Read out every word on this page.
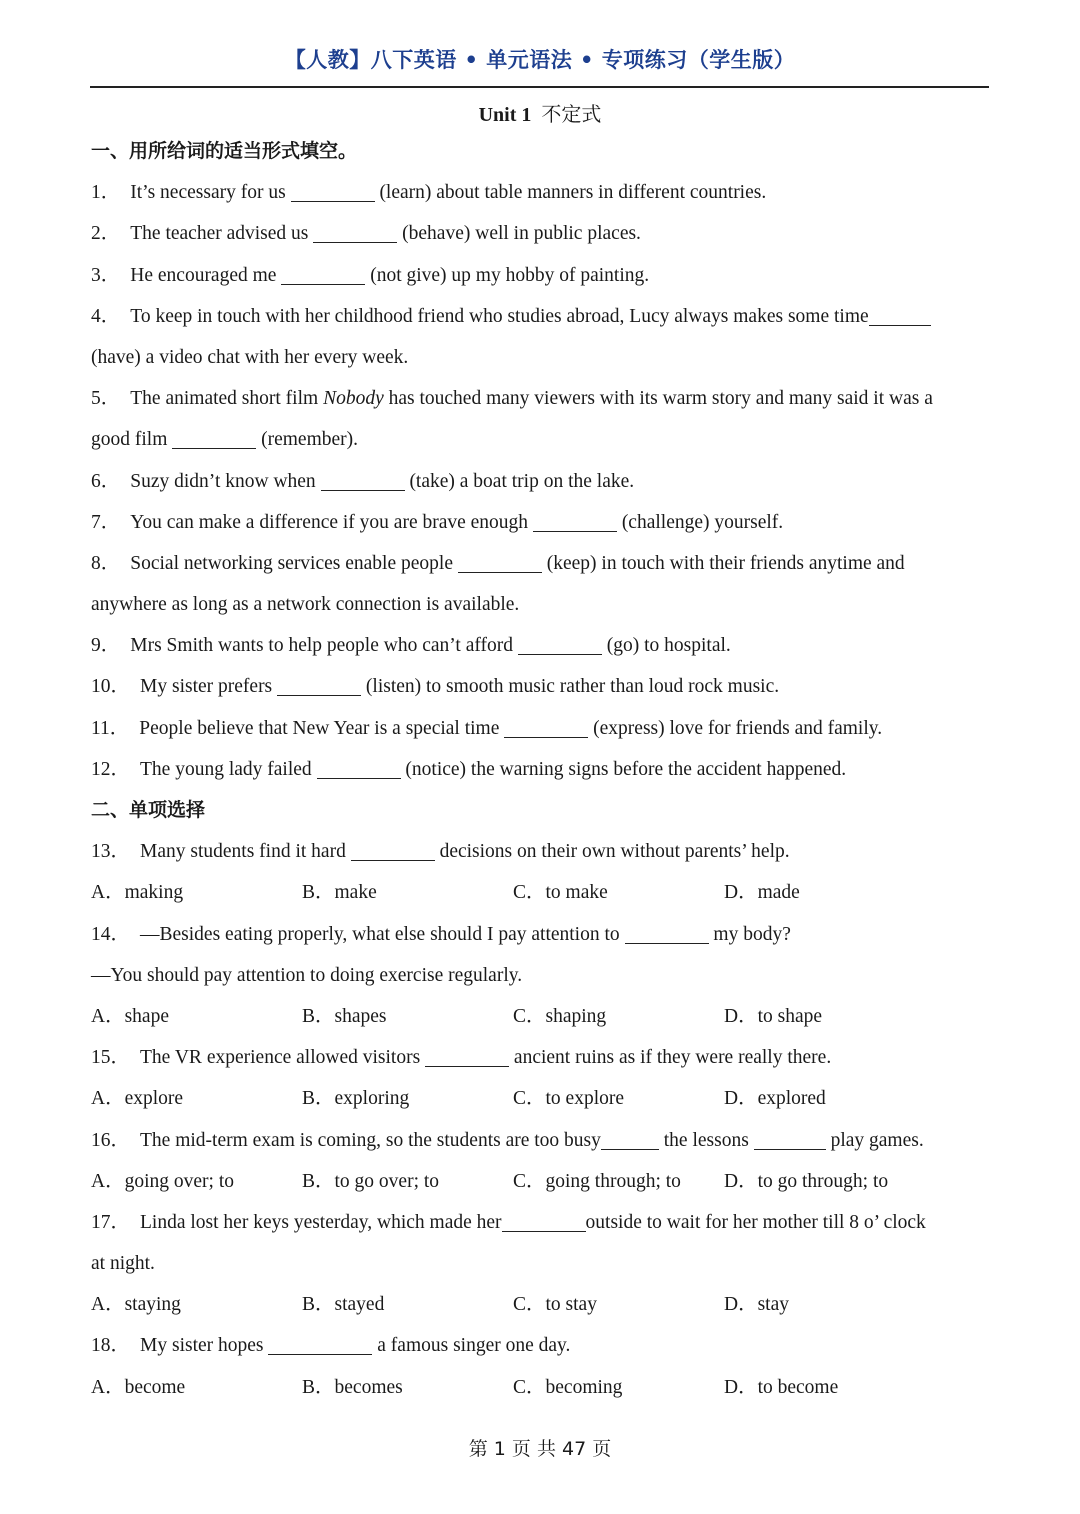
【人教】八下英语 • 单元语法 • 专项练习（学生版）
Unit 1 不定式
一、用所给词的适当形式填空。
1． It’s necessary for us	(learn) about table manners in different countries.
2． The teacher advised us	(behave) well in public places.
3． He encouraged me	(not give) up my hobby of painting.
4． To keep in touch with her childhood friend who studies abroad, Lucy always makes some time
(have) a video chat with her every week.
5． The animated short film Nobody has touched many viewers with its warm story and many said it was a
good film	(remember).
6． Suzy didn’t know when	(take) a boat trip on the lake.
7． You can make a difference if you are brave enough	(challenge) yourself.
8． Social networking services enable people	(keep) in touch with their friends anytime and
anywhere as long as a network connection is available.
9． Mrs Smith wants to help people who can’t afford	(go) to hospital.
10． My sister prefers	(listen) to smooth music rather than loud rock music.
11． People believe that New Year is a special time	(express) love for friends and family.
12． The young lady failed	(notice) the warning signs before the accident happened.
二、单项选择
13． Many students find it hard	decisions on their own without parents’ help.
A．making	B．make	C．to make	D．made
14． —Besides eating properly, what else should I pay attention to	my body?
—You should pay attention to doing exercise regularly.
A．shape	B．shapes	C．shaping	D．to shape
15． The VR experience allowed visitors	ancient ruins as if they were really there.
A．explore	B．exploring	C．to explore	D．explored
16． The mid-term exam is coming, so the students are too busy	the lessons	play games.
A．going over; to	B．to go over; to	C．going through; to	D．to go through; to
17． Linda lost her keys yesterday, which made her	outside to wait for her mother till 8 o’ clock
at night.
A．staying	B．stayed	C．to stay	D．stay
18． My sister hopes	a famous singer one day.
A．become	B．becomes	C．becoming	D．to become
第 1 页 共 47 页
